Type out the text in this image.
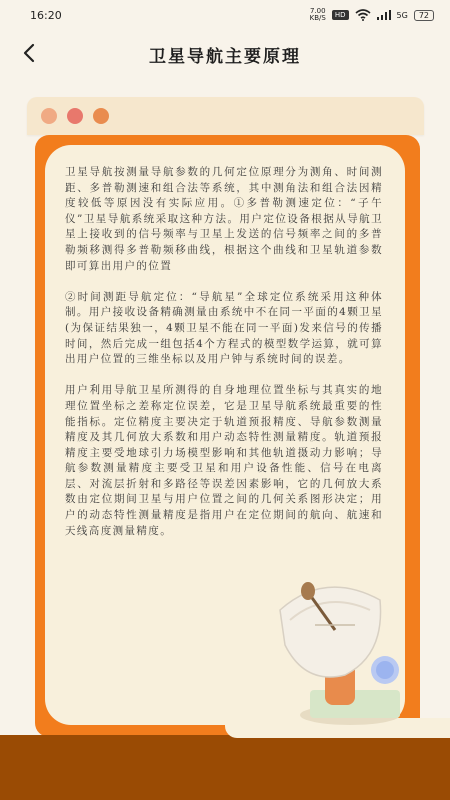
16:20	7.00
KB/S	HD	5G	72
卫星导航主要原理

卫星导航按测量导航参数的几何定位原理分为测角、时间测距、多普勒测速和组合法等系统，其中测角法和组合法因精度较低等原因没有实际应用。①多普勒测速定位：“子午仪”卫星导航系统采取这种方法。用户定位设备根据从导航卫星上接收到的信号频率与卫星上发送的信号频率之间的多普勒频移测得多普勒频移曲线，根据这个曲线和卫星轨道参数即可算出用户的位置

②时间测距导航定位：“导航星”全球定位系统采用这种体制。用户接收设备精确测量由系统中不在同一平面的4颗卫星(为保证结果独一，4颗卫星不能在同一平面)发来信号的传播时间，然后完成一组包括4个方程式的模型数学运算，就可算出用户位置的三维坐标以及用户钟与系统时间的误差。

用户利用导航卫星所测得的自身地理位置坐标与其真实的地理位置坐标之差称定位误差，它是卫星导航系统最重要的性能指标。定位精度主要决定于轨道预报精度、导航参数测量精度及其几何放大系数和用户动态特性测量精度。轨道预报精度主要受地球引力场模型影响和其他轨道摄动力影响；导航参数测量精度主要受卫星和用户设备性能、信号在电离层、对流层折射和多路径等误差因素影响，它的几何放大系数由定位期间卫星与用户位置之间的几何关系图形决定；用户的动态特性测量精度是指用户在定位期间的航向、航速和天线高度测量精度。
